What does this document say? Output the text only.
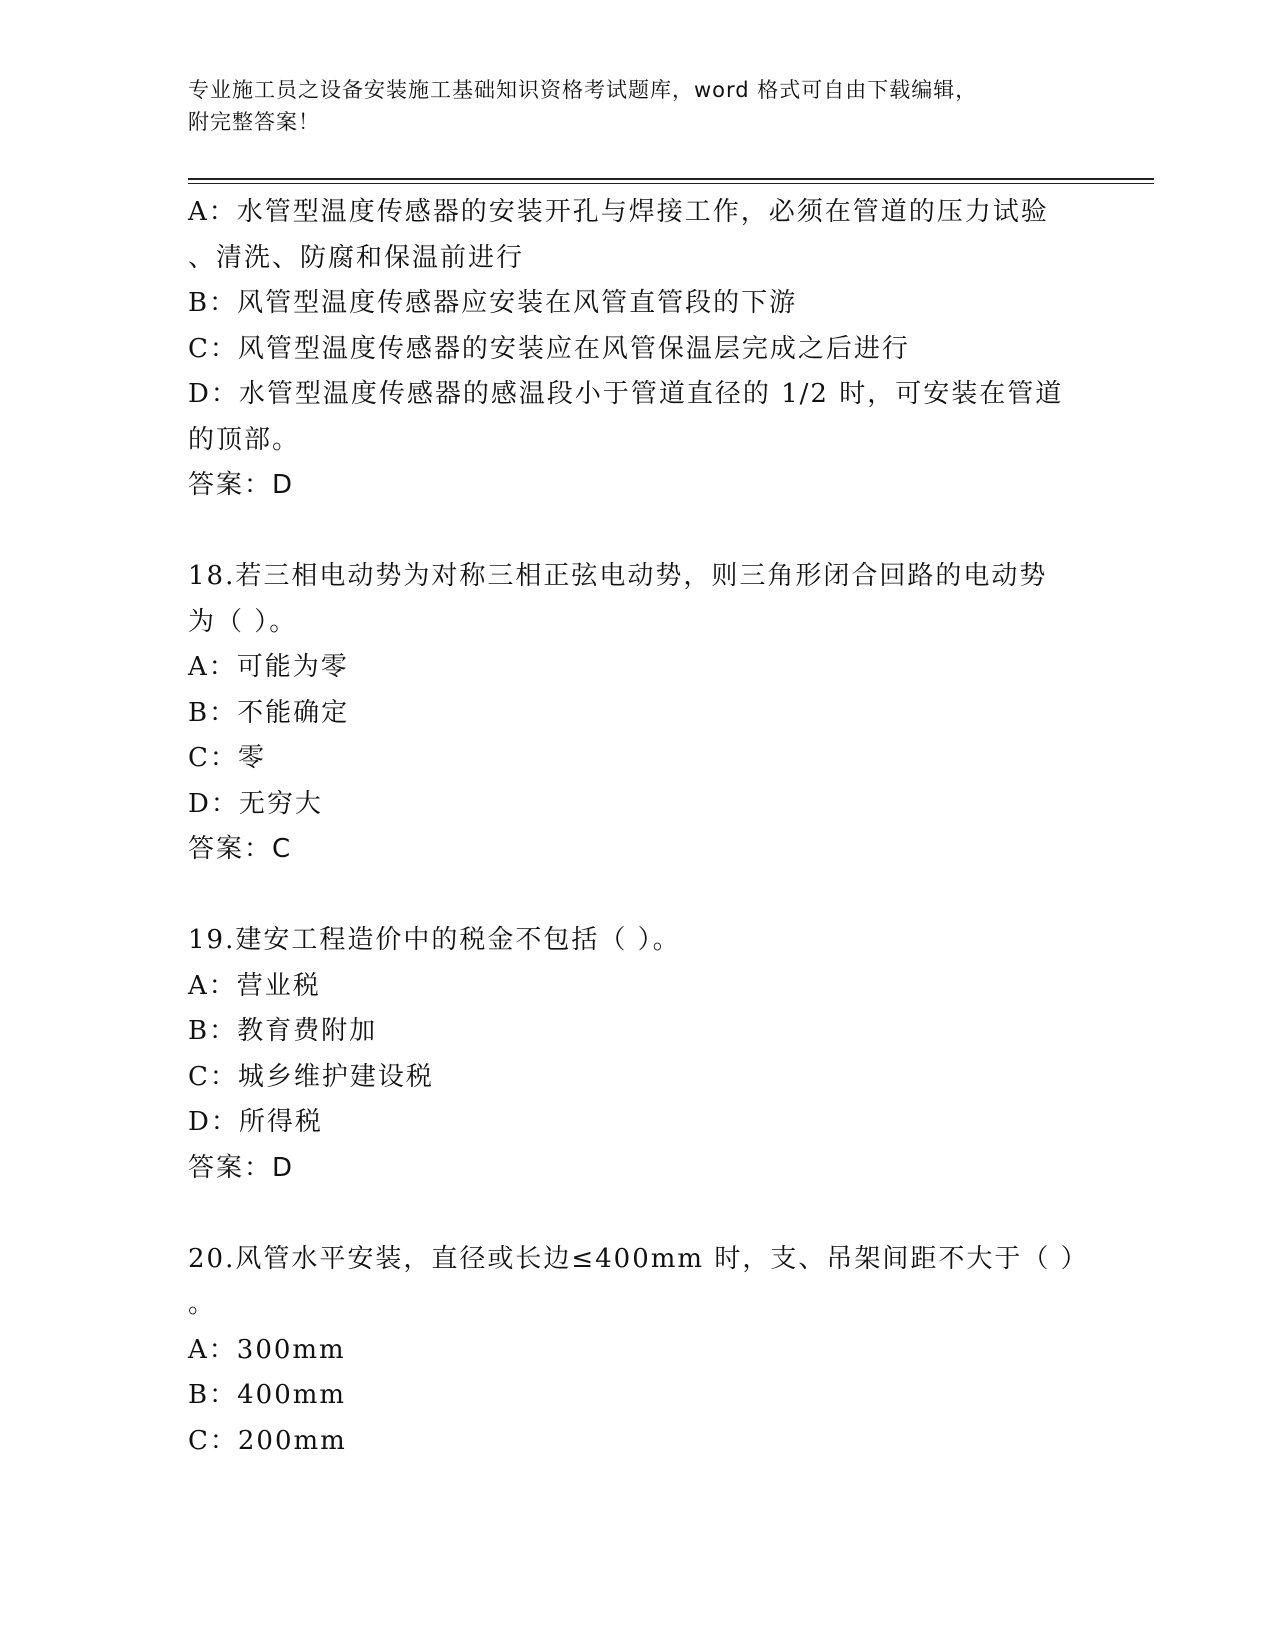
专业施工员之设备安装施工基础知识资格考试题库，word 格式可自由下载编辑，
附完整答案！
A：水管型温度传感器的安装开孔与焊接工作，必须在管道的压力试验
、清洗、防腐和保温前进行
B：风管型温度传感器应安装在风管直管段的下游
C：风管型温度传感器的安装应在风管保温层完成之后进行
D：水管型温度传感器的感温段小于管道直径的 1/2 时，可安装在管道
的顶部。
答案：D
18.若三相电动势为对称三相正弦电动势，则三角形闭合回路的电动势
为（ ）。
A：可能为零
B：不能确定
C：零
D：无穷大
答案：C
19.建安工程造价中的税金不包括（ ）。
A：营业税
B：教育费附加
C：城乡维护建设税
D：所得税
答案：D
20.风管水平安装，直径或长边≤400mm 时，支、吊架间距不大于（ ）
。
A：300mm
B：400mm
C：200mm
